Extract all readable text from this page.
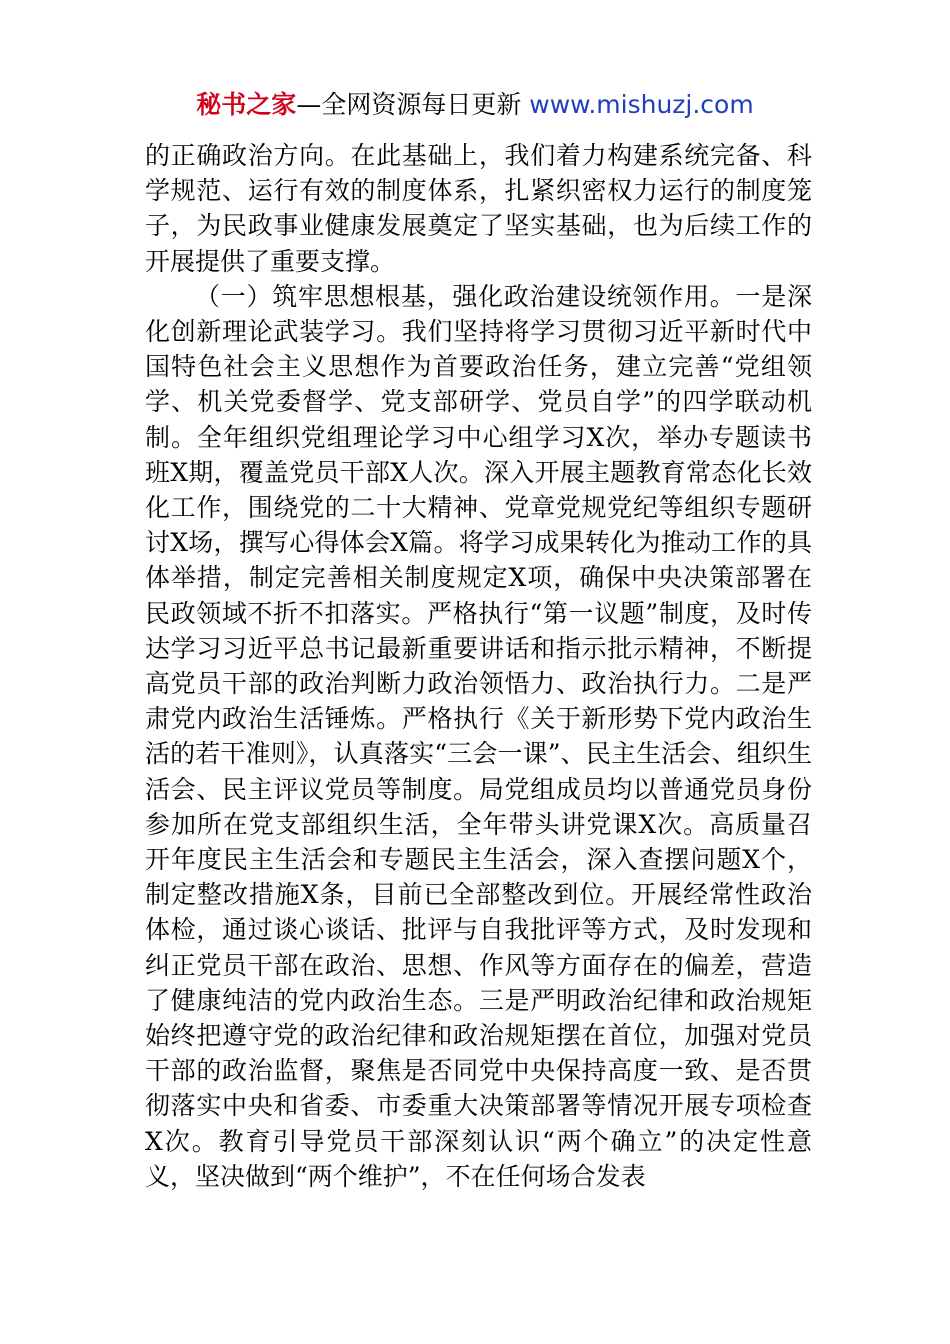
秘书之家—全网资源每日更新 www.mishuzj.com

的正确政治方向。在此基础上，我们着力构建系统完备、科学规范、运行有效的制度体系，扎紧织密权力运行的制度笼子，为民政事业健康发展奠定了坚实基础，也为后续工作的开展提供了重要支撑。

（一）筑牢思想根基，强化政治建设统领作用。一是深化创新理论武装学习。我们坚持将学习贯彻习近平新时代中国特色社会主义思想作为首要政治任务，建立完善“党组领学、机关党委督学、党支部研学、党员自学”的四学联动机制。全年组织党组理论学习中心组学习X次，举办专题读书班X期，覆盖党员干部X人次。深入开展主题教育常态化长效化工作，围绕党的二十大精神、党章党规党纪等组织专题研讨X场，撰写心得体会X篇。将学习成果转化为推动工作的具体举措，制定完善相关制度规定X项，确保中央决策部署在民政领域不折不扣落实。严格执行“第一议题”制度，及时传达学习习近平总书记最新重要讲话和指示批示精神，不断提高党员干部的政治判断力政治领悟力、政治执行力。二是严肃党内政治生活锤炼。严格执行《关于新形势下党内政治生活的若干准则》，认真落实“三会一课”、民主生活会、组织生活会、民主评议党员等制度。局党组成员均以普通党员身份参加所在党支部组织生活，全年带头讲党课X次。高质量召开年度民主生活会和专题民主生活会，深入查摆问题X个，制定整改措施X条，目前已全部整改到位。开展经常性政治体检，通过谈心谈话、批评与自我批评等方式，及时发现和纠正党员干部在政治、思想、作风等方面存在的偏差，营造了健康纯洁的党内政治生态。三是严明政治纪律和政治规矩始终把遵守党的政治纪律和政治规矩摆在首位，加强对党员干部的政治监督，聚焦是否同党中央保持高度一致、是否贯彻落实中央和省委、市委重大决策部署等情况开展专项检查X次。教育引导党员干部深刻认识“两个确立”的决定性意义，坚决做到“两个维护”，不在任何场合发表
